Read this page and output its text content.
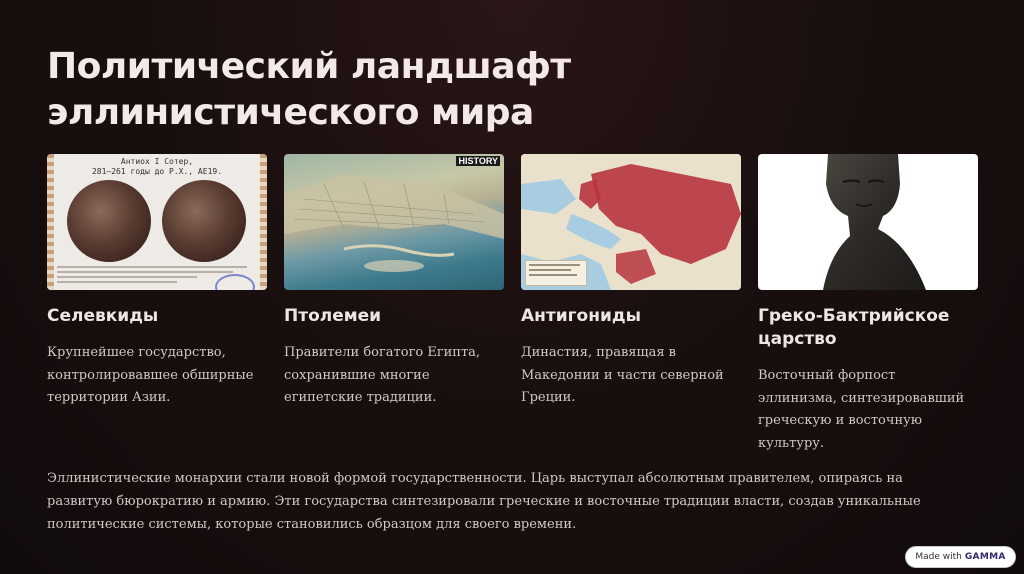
Политический ландшафт эллинистического мира
Антиох I Сотер,
281—261 годы до Р.Х., АЕ19.
Селевкиды
Крупнейшее государство, контролировавшее обширные территории Азии.
HISTORY
Птолемеи
Правители богатого Египта, сохранившие многие египетские традиции.
Антигониды
Династия, правящая в Македонии и части северной Греции.
Греко-Бактрийское царство
Восточный форпост эллинизма, синтезировавший греческую и восточную культуру.

Эллинистические монархии стали новой формой государственности. Царь выступал абсолютным правителем, опираясь на развитую бюрократию и армию. Эти государства синтезировали греческие и восточные традиции власти, создав уникальные политические системы, которые становились образцом для своего времени.

Made with GAMMA
